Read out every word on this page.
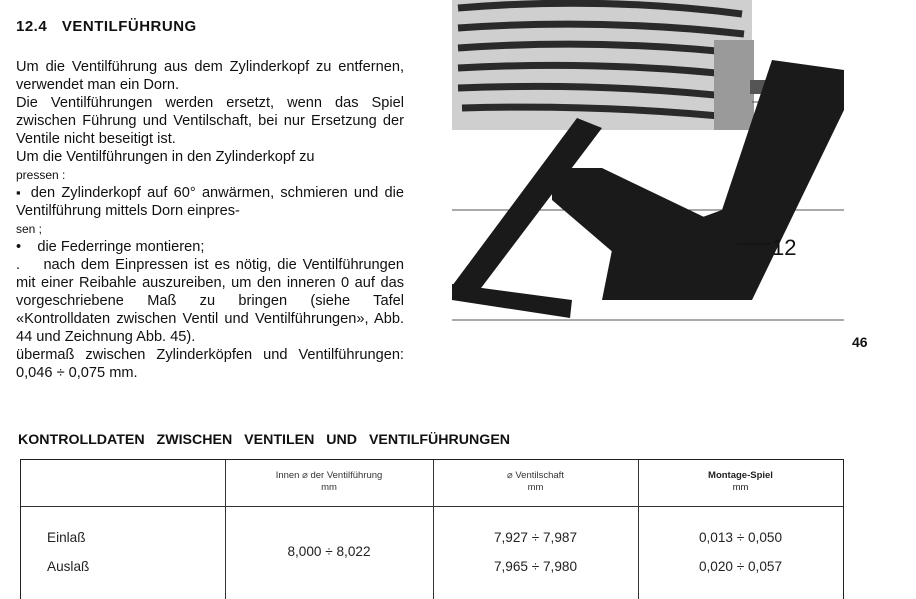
12.4 VENTILFÜHRUNG

Um die Ventilführung aus dem Zylinderkopf zu entfernen, verwendet man ein Dorn.

Die Ventilführungen werden ersetzt, wenn das Spiel zwischen Führung und Ventilschaft, bei nur Ersetzung der Ventile nicht beseitigt ist.

Um die Ventilführungen in den Zylinderkopf zu

pressen :

▪ den Zylinderkopf auf 60° anwärmen, schmieren und die Ventilführung mittels Dorn einpres-

sen ;

•    die Federringe montieren;

.    nach dem Einpressen ist es nötig, die Ventilführungen mit einer Reibahle auszureiben, um den inneren 0 auf das vorgeschriebene Maß zu bringen (siehe Tafel «Kontrolldaten zwischen Ventil und Ventilführungen», Abb. 44 und Zeichnung Abb. 45).

übermaß zwischen Zylinderköpfen und Ventilführungen: 0,046 ÷ 0,075 mm.

12
46
KONTROLLDATEN ZWISCHEN VENTILEN UND VENTILFÜHRUNGEN
Innen ⌀ der Ventilführung
mm
⌀ Ventilschaft
mm
Montage-Spiel
mm
Einlaß
Auslaß
8,000 ÷ 8,022
7,927 ÷ 7,987
7,965 ÷ 7,980
0,013 ÷ 0,050
0,020 ÷ 0,057
